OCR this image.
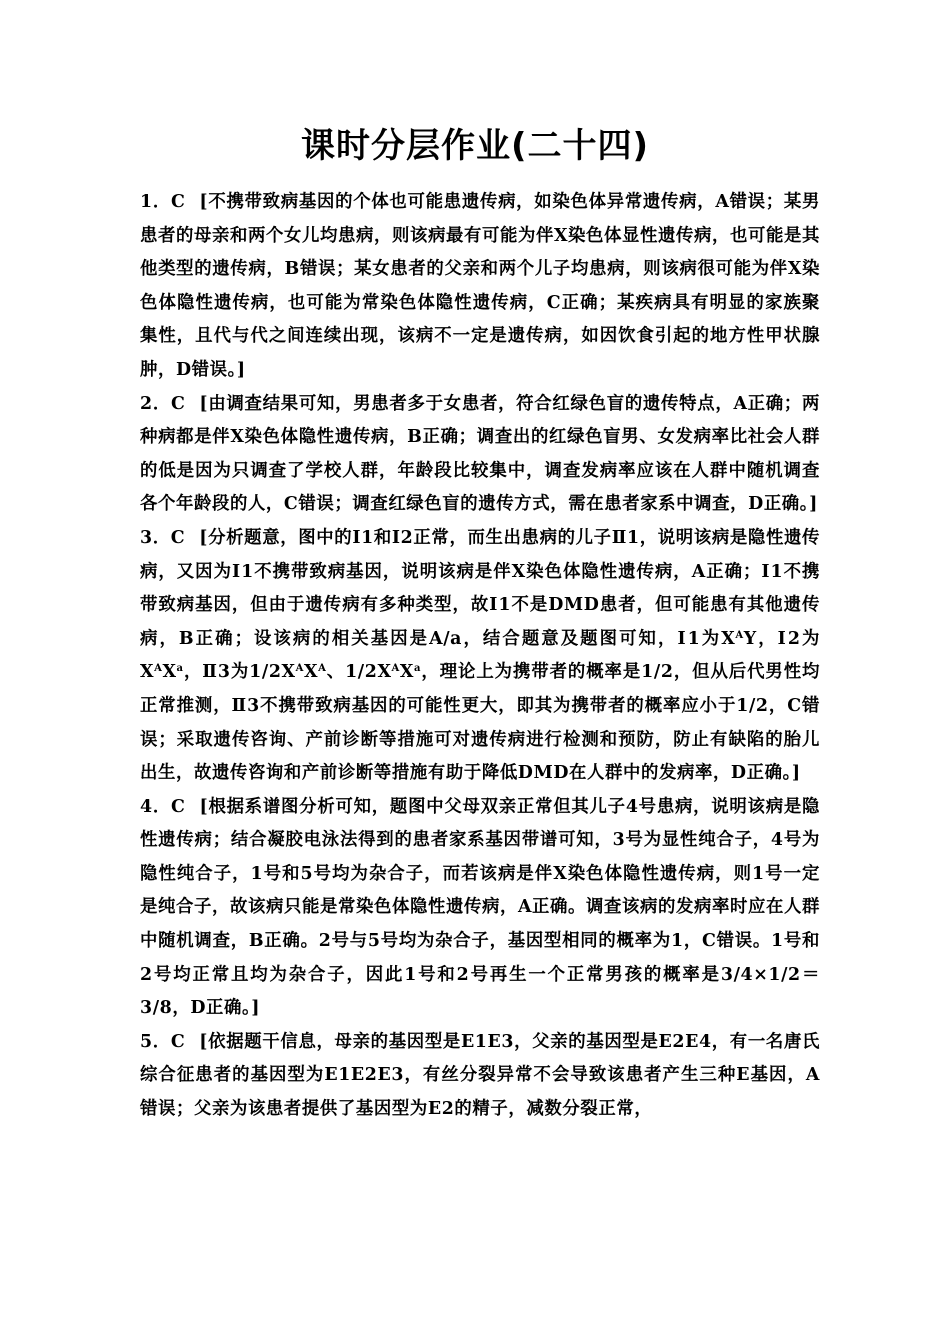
课时分层作业(二十四)

1．C [不携带致病基因的个体也可能患遗传病，如染色体异常遗传病，A错误；某男患者的母亲和两个女儿均患病，则该病最有可能为伴X染色体显性遗传病，也可能是其他类型的遗传病，B错误；某女患者的父亲和两个儿子均患病，则该病很可能为伴X染色体隐性遗传病，也可能为常染色体隐性遗传病，C正确；某疾病具有明显的家族聚集性，且代与代之间连续出现，该病不一定是遗传病，如因饮食引起的地方性甲状腺肿，D错误。]

2．C [由调查结果可知，男患者多于女患者，符合红绿色盲的遗传特点，A正确；两种病都是伴X染色体隐性遗传病，B正确；调查出的红绿色盲男、女发病率比社会人群的低是因为只调查了学校人群，年龄段比较集中，调查发病率应该在人群中随机调查各个年龄段的人，C错误；调查红绿色盲的遗传方式，需在患者家系中调查，D正确。]

3．C [分析题意，图中的Ⅰ1和Ⅰ2正常，而生出患病的儿子Ⅱ1，说明该病是隐性遗传病，又因为Ⅰ1不携带致病基因，说明该病是伴X染色体隐性遗传病，A正确；Ⅰ1不携带致病基因，但由于遗传病有多种类型，故Ⅰ1不是DMD患者，但可能患有其他遗传病，B正确；设该病的相关基因是A/a，结合题意及题图可知，Ⅰ1为$X^AY$，Ⅰ2为$X^AX^a$，Ⅱ3为$1/2X^AX^A$、$1/2X^AX^a$，理论上为携带者的概率是1/2，但从后代男性均正常推测，Ⅱ3不携带致病基因的可能性更大，即其为携带者的概率应小于1/2，C错误；采取遗传咨询、产前诊断等措施可对遗传病进行检测和预防，防止有缺陷的胎儿出生，故遗传咨询和产前诊断等措施有助于降低DMD在人群中的发病率，D正确。]

4．C [根据系谱图分析可知，题图中父母双亲正常但其儿子4号患病，说明该病是隐性遗传病；结合凝胶电泳法得到的患者家系基因带谱可知，3号为显性纯合子，4号为隐性纯合子，1号和5号均为杂合子，而若该病是伴X染色体隐性遗传病，则1号一定是纯合子，故该病只能是常染色体隐性遗传病，A正确。调查该病的发病率时应在人群中随机调查，B正确。2号与5号均为杂合子，基因型相同的概率为1，C错误。1号和2号均正常且均为杂合子，因此1号和2号再生一个正常男孩的概率是3/4×1/2＝3/8，D正确。]

5．C [依据题干信息，母亲的基因型是E1E3，父亲的基因型是E2E4，有一名唐氏综合征患者的基因型为E1E2E3，有丝分裂异常不会导致该患者产生三种E基因，A错误；父亲为该患者提供了基因型为E2的精子，减数分裂正常，
